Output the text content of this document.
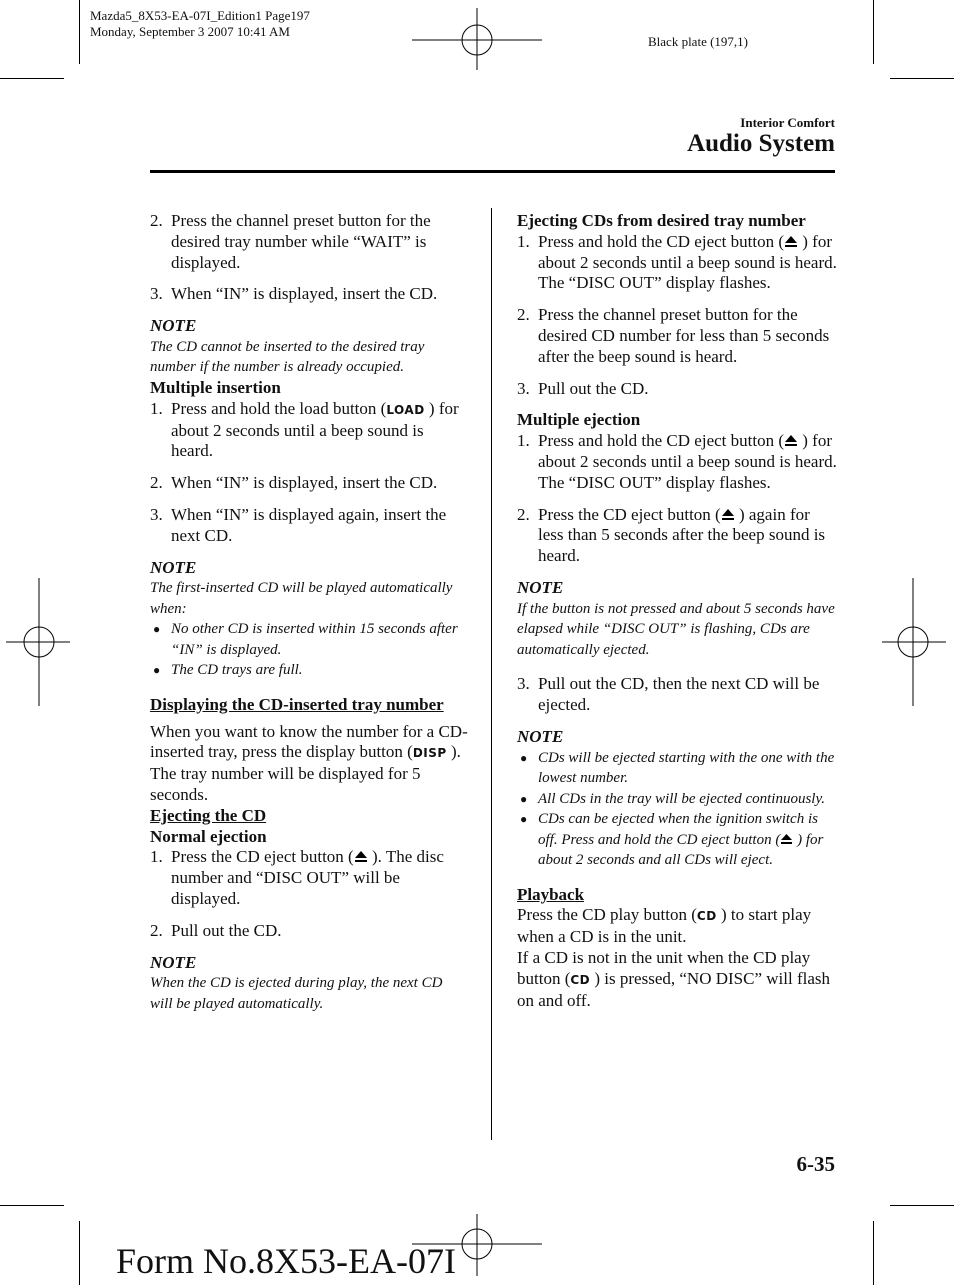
Mazda5_8X53-EA-07I_Edition1 Page197
Monday, September 3 2007 10:41 AM
Black plate (197,1)
Interior Comfort
Audio System
2. Press the channel preset button for the desired tray number while “WAIT” is displayed.
3. When “IN” is displayed, insert the CD.

NOTE

The CD cannot be inserted to the desired tray number if the number is already occupied.

Multiple insertion

1. Press and hold the load button (LOAD ) for about 2 seconds until a beep sound is heard.
2. When “IN” is displayed, insert the CD.
3. When “IN” is displayed again, insert the next CD.

NOTE

The first-inserted CD will be played automatically when:

● No other CD is inserted within 15 seconds after “IN” is displayed.
● The CD trays are full.

Displaying the CD-inserted tray number

When you want to know the number for a CD-inserted tray, press the display button (DISP ). The tray number will be displayed for 5 seconds.

Ejecting the CD

Normal ejection

1. Press the CD eject button ( ). The disc number and “DISC OUT” will be displayed.
2. Pull out the CD.

NOTE

When the CD is ejected during play, the next CD will be played automatically.

Ejecting CDs from desired tray number

1. Press and hold the CD eject button ( ) for about 2 seconds until a beep sound is heard.
The “DISC OUT” display flashes.
2. Press the channel preset button for the desired CD number for less than 5 seconds after the beep sound is heard.
3. Pull out the CD.

Multiple ejection

1. Press and hold the CD eject button ( ) for about 2 seconds until a beep sound is heard.
The “DISC OUT” display flashes.
2. Press the CD eject button ( ) again for less than 5 seconds after the beep sound is heard.

NOTE

If the button is not pressed and about 5 seconds have elapsed while “DISC OUT” is flashing, CDs are automatically ejected.

3. Pull out the CD, then the next CD will be ejected.

NOTE

● CDs will be ejected starting with the one with the lowest number.
● All CDs in the tray will be ejected continuously.
● CDs can be ejected when the ignition switch is off. Press and hold the CD eject button ( ) for about 2 seconds and all CDs will eject.

Playback

Press the CD play button (CD ) to start play when a CD is in the unit.
If a CD is not in the unit when the CD play button (CD ) is pressed, “NO DISC” will flash on and off.

6-35
Form No.8X53-EA-07I
